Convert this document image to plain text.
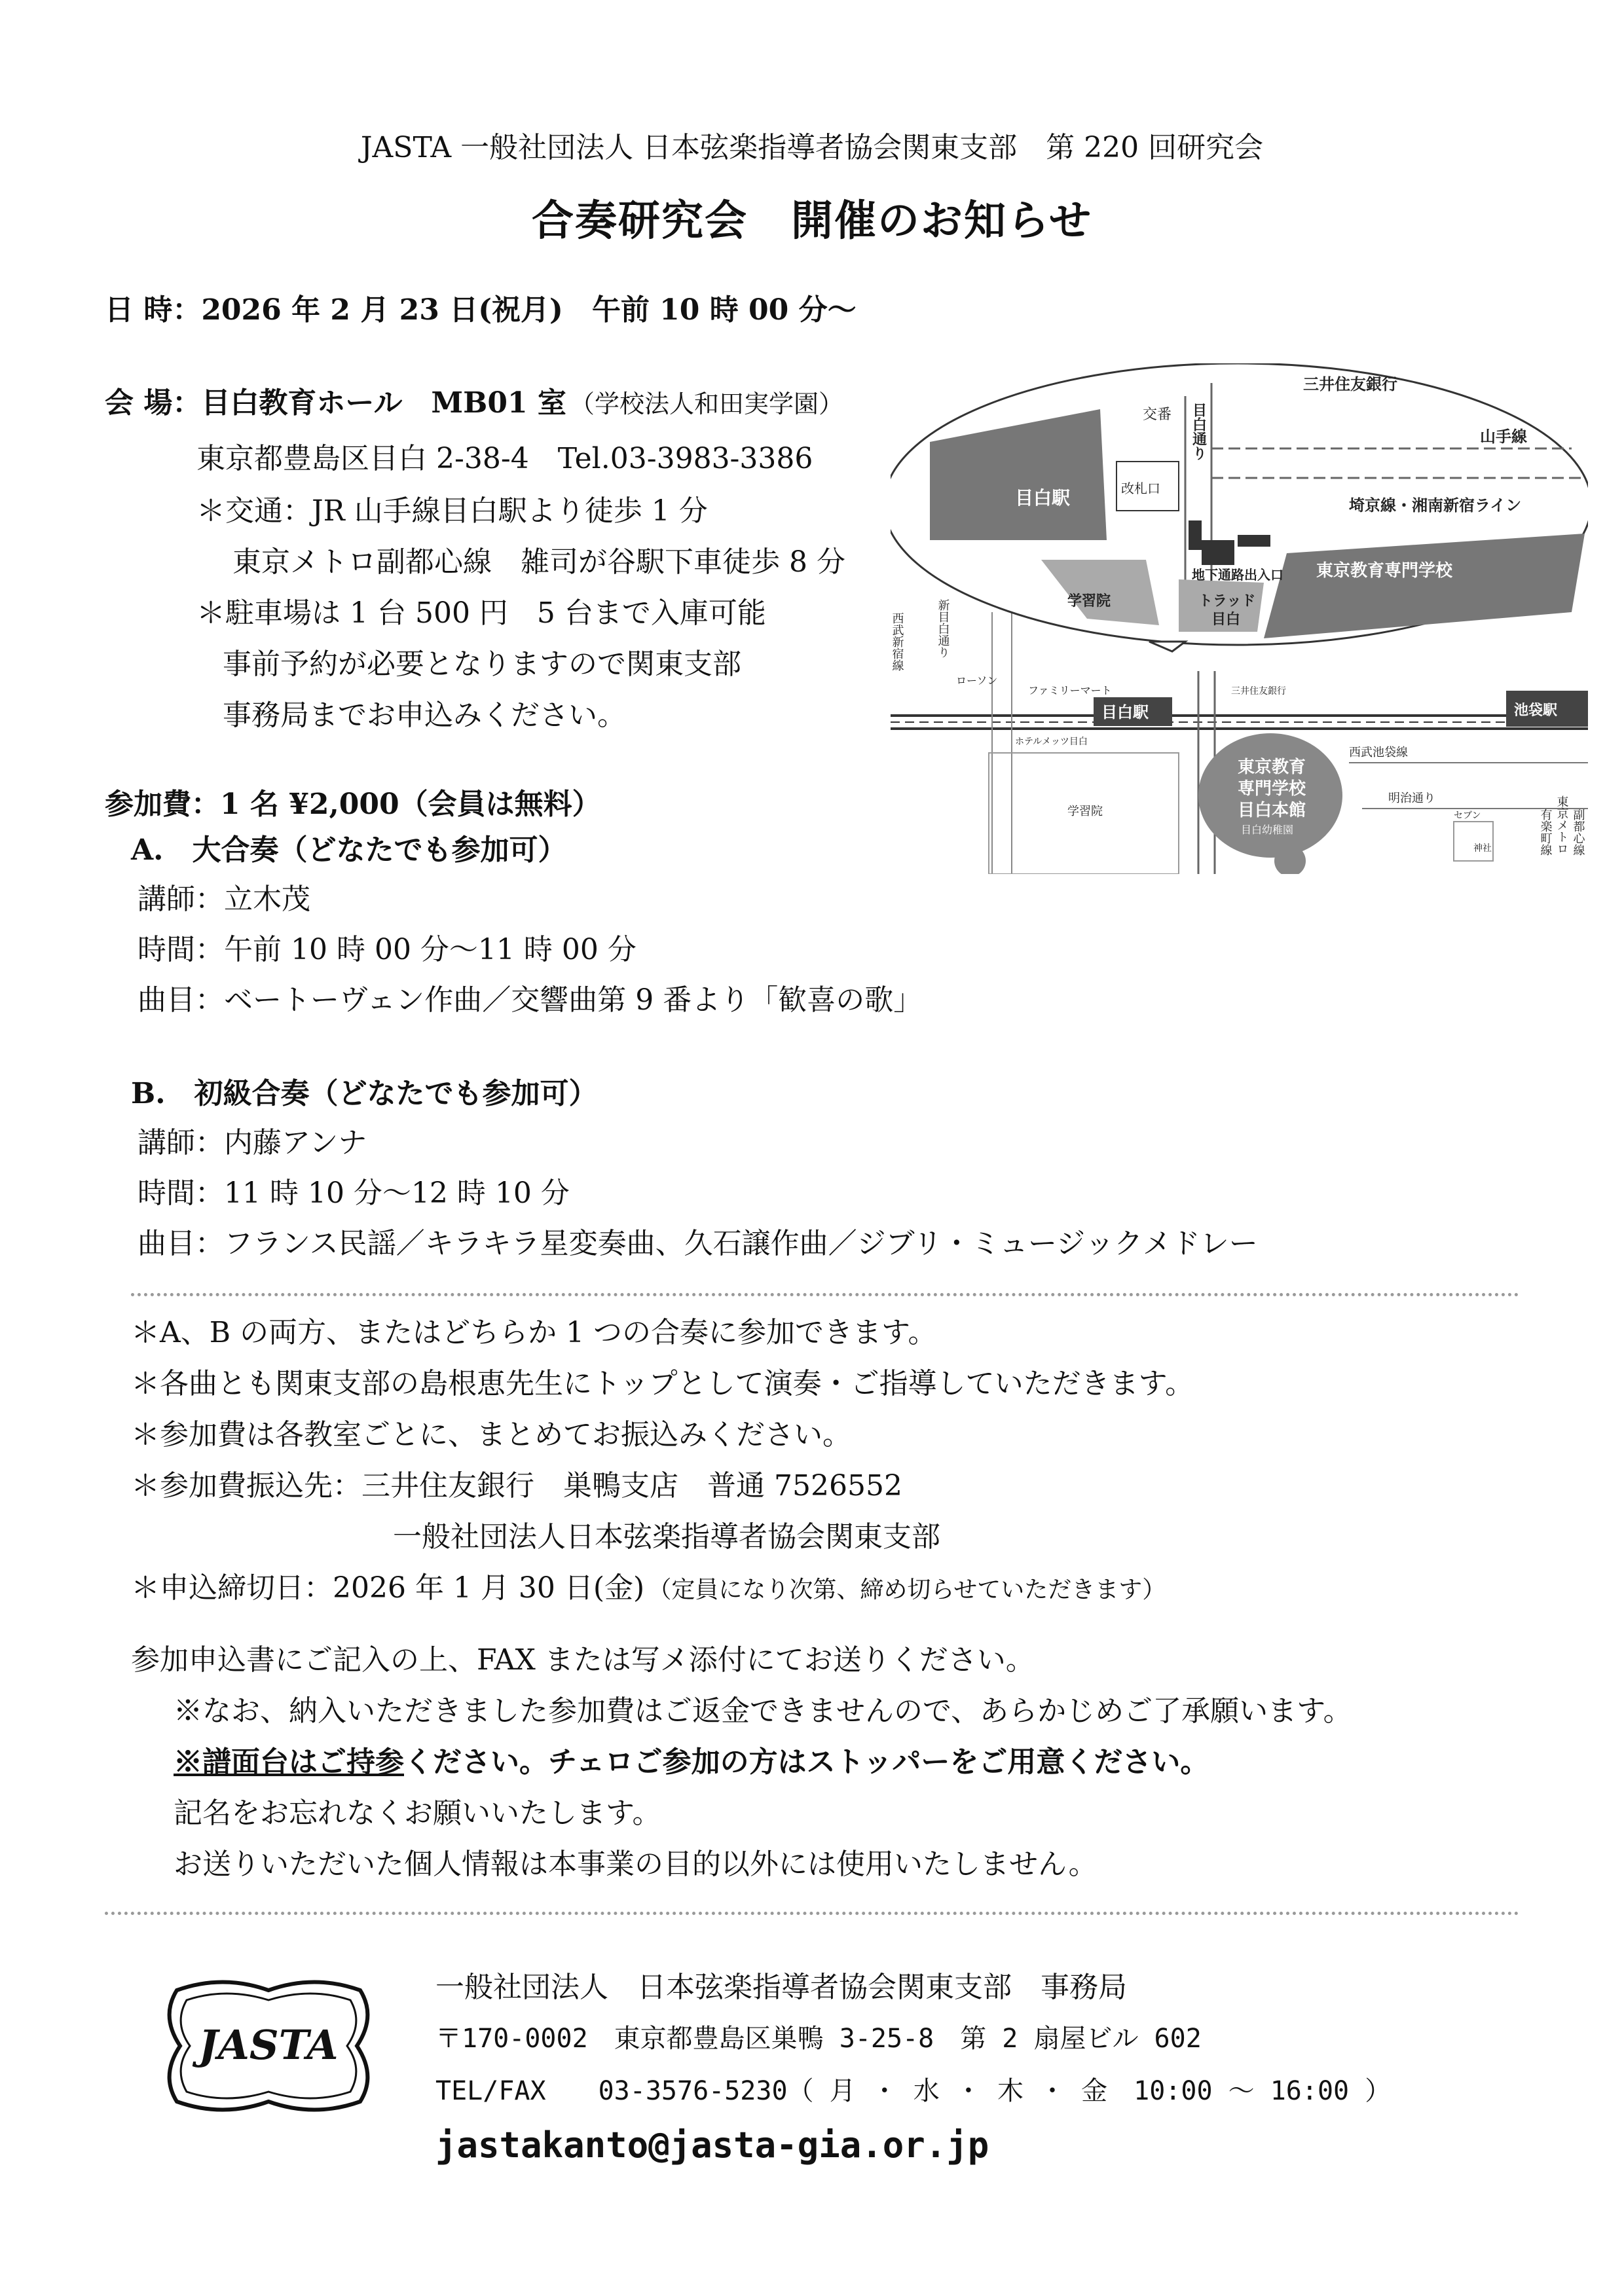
JASTA 一般社団法人 日本弦楽指導者協会関東支部　第 220 回研究会
合奏研究会　開催のお知らせ
日 時：2026 年 2 月 23 日(祝月)　午前 10 時 00 分～
会 場：目白教育ホール　MB01 室 （学校法人和田実学園）
東京都豊島区目白 2-38-4　Tel.03-3983-3386
＊交通：JR 山手線目白駅より徒歩 1 分
東京メトロ副都心線　雑司が谷駅下車徒歩 8 分
＊駐車場は 1 台 500 円　5 台まで入庫可能
事前予約が必要となりますので関東支部
事務局までお申込みください。
三井住友銀行
目白通り
交番
山手線
埼京線・湘南新宿ライン
目白駅	改札口
地下通路出入口 東京教育専門学校
学習院	トラッド
目白
西武新宿線	新目白通り
ローソン
ファミリーマート	三井住友銀行
目白駅	池袋駅
ホテルメッツ目白
学習院
西武池袋線
明治通り
東京教育
専門学校
目白本館
目白幼稚園	東京メトロ
有楽町線 副都心線
セブン
神社
参加費：1 名 ¥2,000（会員は無料）
A.　大合奏（どなたでも参加可）
講師：立木茂
時間：午前 10 時 00 分～11 時 00 分
曲目：ベートーヴェン作曲／交響曲第 9 番より「歓喜の歌」
B.　初級合奏（どなたでも参加可）
講師：内藤アンナ
時間：11 時 10 分～12 時 10 分
曲目：フランス民謡／キラキラ星変奏曲、久石譲作曲／ジブリ・ミュージックメドレー
＊A、B の両方、またはどちらか 1 つの合奏に参加できます。
＊各曲とも関東支部の島根恵先生にトップとして演奏・ご指導していただきます。
＊参加費は各教室ごとに、まとめてお振込みください。
＊参加費振込先：三井住友銀行　巣鴨支店　普通 7526552
一般社団法人日本弦楽指導者協会関東支部
＊申込締切日：2026 年 1 月 30 日(金) （定員になり次第、締め切らせていただきます）
参加申込書にご記入の上、FAX または写メ添付にてお送りください。
※なお、納入いただきました参加費はご返金できませんので、あらかじめご了承願います。
※譜面台はご持参ください。チェロご参加の方はストッパーをご用意ください。
記名をお忘れなくお願いいたします。
お送りいただいた個人情報は本事業の目的以外には使用いたしません。
JASTA
一般社団法人　日本弦楽指導者協会関東支部　事務局
〒170-0002　東京都豊島区巣鴨 3-25-8　第 2 扇屋ビル 602
TEL/FAX　　03-3576-5230（ 月 ・ 水 ・ 木 ・ 金　10:00 ～ 16:00 ）
jastakanto@jasta-gia.or.jp
